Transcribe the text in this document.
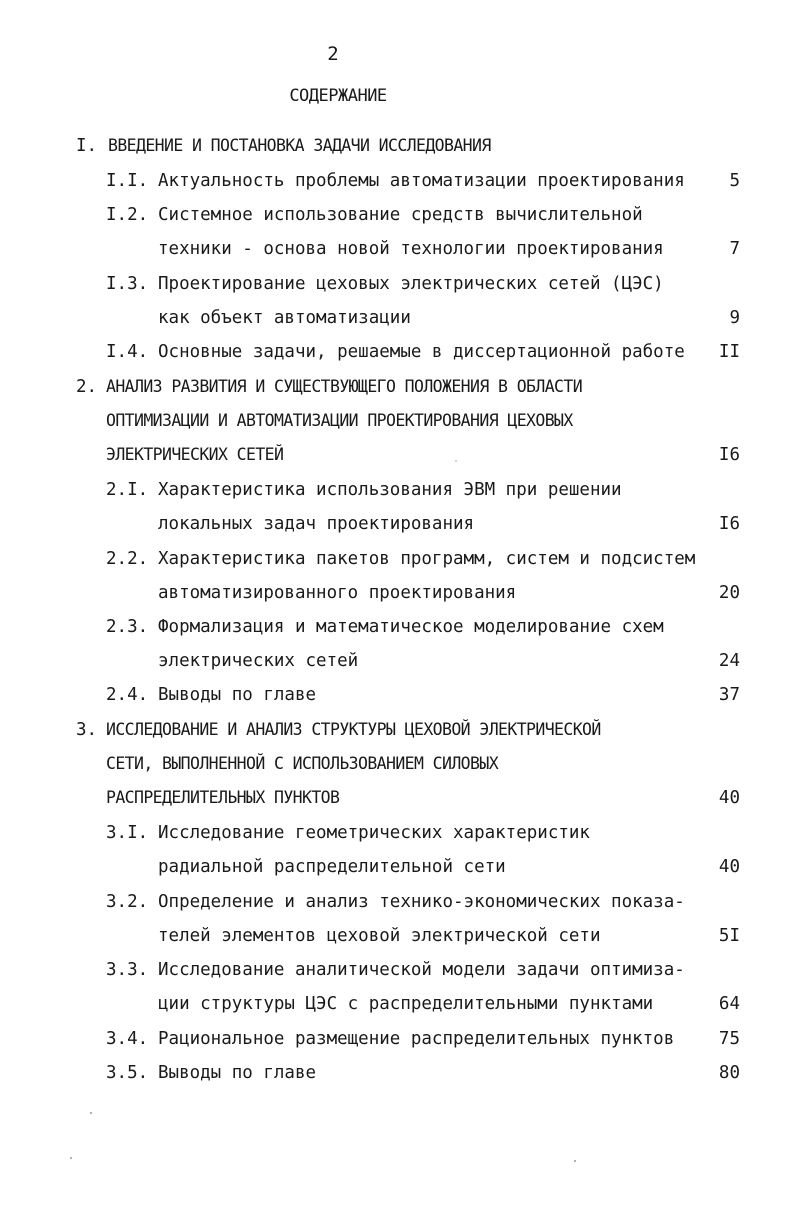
2
СОДЕРЖАНИЕ
I. ВВЕДЕНИЕ И ПОСТАНОВКА ЗАДАЧИ ИССЛЕДОВАНИЯ
I.I. Актуальность проблемы автоматизации проектирования	5
I.2. Системное использование средств вычислительной
техники - основа новой технологии проектирования	7
I.3. Проектирование цеховых электрических сетей (ЦЭС)
как объект автоматизации	9
I.4. Основные задачи, решаемые в диссертационной работе II
2. АНАЛИЗ РАЗВИТИЯ И СУЩЕСТВУЮЩЕГО ПОЛОЖЕНИЯ В ОБЛАСТИ
ОПТИМИЗАЦИИ И АВТОМАТИЗАЦИИ ПРОЕКТИРОВАНИЯ ЦЕХОВЫХ
ЭЛЕКТРИЧЕСКИХ СЕТЕЙ	I6
2.I. Характеристика использования ЭВМ при решении
локальных задач проектирования	I6
2.2. Характеристика пакетов программ, систем и подсистем
автоматизированного проектирования	20
2.3. Формализация и математическое моделирование схем
электрических сетей	24
2.4. Выводы по главе	37
3. ИССЛЕДОВАНИЕ И АНАЛИЗ СТРУКТУРЫ ЦЕХОВОЙ ЭЛЕКТРИЧЕСКОЙ
СЕТИ, ВЫПОЛНЕННОЙ С ИСПОЛЬЗОВАНИЕМ СИЛОВЫХ
РАСПРЕДЕЛИТЕЛЬНЫХ ПУНКТОВ	40
3.I. Исследование геометрических характеристик
радиальной распределительной сети	40
3.2. Определение и анализ технико-экономических показа-
телей элементов цеховой электрической сети	5I
3.3. Исследование аналитической модели задачи оптимиза-
ции структуры ЦЭС с распределительными пунктами	64
3.4. Рациональное размещение распределительных пунктов	75
3.5. Выводы по главе	80
